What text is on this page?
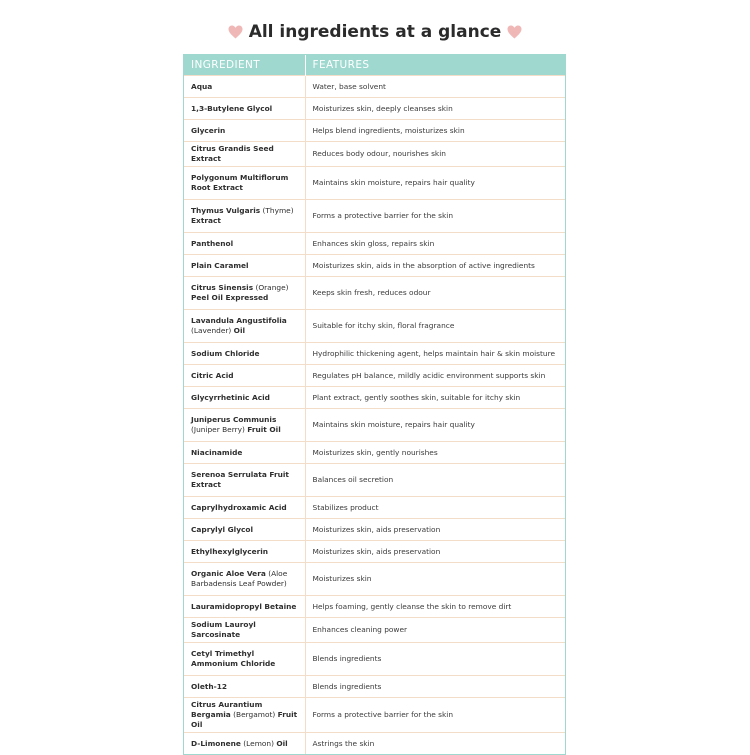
All ingredients at a glance
INGREDIENT	FEATURES
Aqua	Water, base solvent
1,3-Butylene Glycol	Moisturizes skin, deeply cleanses skin
Glycerin	Helps blend ingredients, moisturizes skin
Citrus Grandis Seed Extract	Reduces body odour, nourishes skin
Polygonum Multiflorum Root Extract	Maintains skin moisture, repairs hair quality
Thymus Vulgaris (Thyme) Extract	Forms a protective barrier for the skin
Panthenol	Enhances skin gloss, repairs skin
Plain Caramel	Moisturizes skin, aids in the absorption of active ingredients
Citrus Sinensis (Orange) Peel Oil Expressed	Keeps skin fresh, reduces odour
Lavandula Angustifolia (Lavender) Oil	Suitable for itchy skin, floral fragrance
Sodium Chloride	Hydrophilic thickening agent, helps maintain hair & skin moisture
Citric Acid	Regulates pH balance, mildly acidic environment supports skin
Glycyrrhetinic Acid	Plant extract, gently soothes skin, suitable for itchy skin
Juniperus Communis (Juniper Berry) Fruit Oil	Maintains skin moisture, repairs hair quality
Niacinamide	Moisturizes skin, gently nourishes
Serenoa Serrulata Fruit Extract	Balances oil secretion
Caprylhydroxamic Acid	Stabilizes product
Caprylyl Glycol	Moisturizes skin, aids preservation
Ethylhexylglycerin	Moisturizes skin, aids preservation
Organic Aloe Vera (Aloe Barbadensis Leaf Powder)	Moisturizes skin
Lauramidopropyl Betaine	Helps foaming, gently cleanse the skin to remove dirt
Sodium Lauroyl Sarcosinate	Enhances cleaning power
Cetyl Trimethyl Ammonium Chloride	Blends ingredients
Oleth-12	Blends ingredients
Citrus Aurantium Bergamia (Bergamot) Fruit Oil	Forms a protective barrier for the skin
D-Limonene (Lemon) Oil	Astrings the skin
